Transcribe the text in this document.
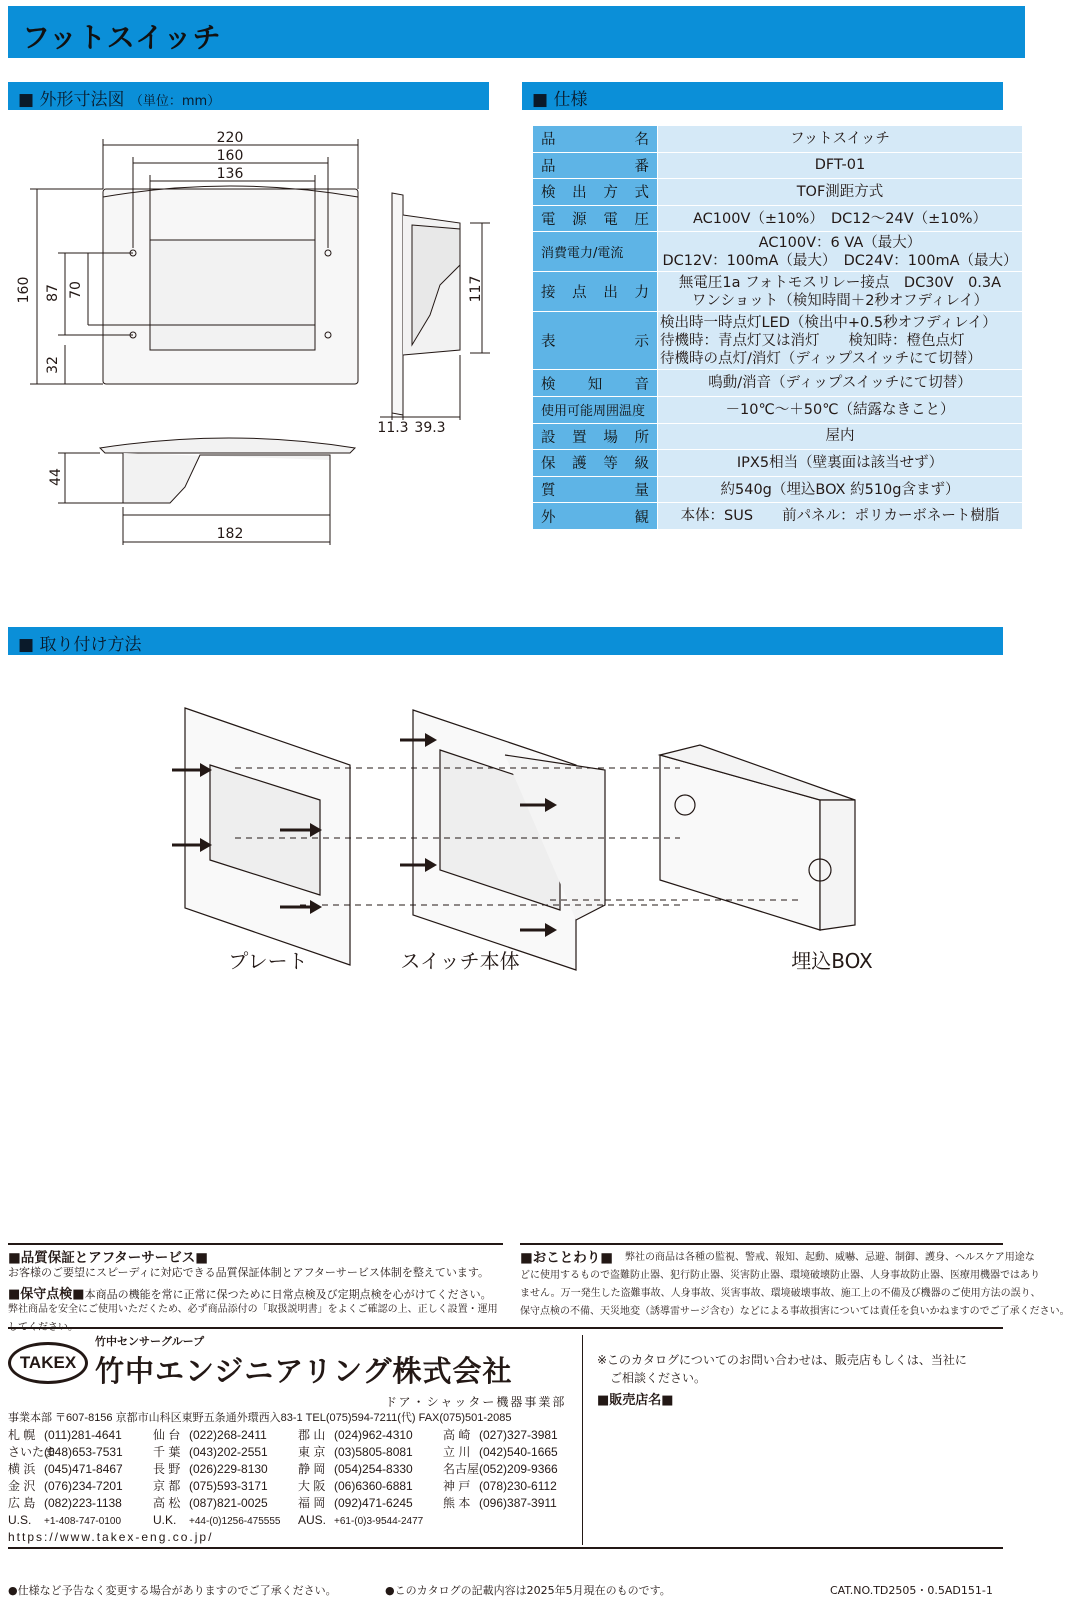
フットスイッチ
■ 外形寸法図 （単位：mm）	■ 仕様
■ 取り付け方法
220
160
136
160 87 70
32
117
11.3 39.3
44
182
品名	フットスイッチ

品番	DFT-01

検出方式	TOF測距方式

電源電圧	AC100V（±10%）　DC12〜24V（±10%）

消費電力/電流	AC100V：6 VA（最大）
DC12V：100mA（最大）　DC24V：100mA（最大）

接点出力	無電圧1a フォトモスリレー接点　DC30V　0.3A
ワンショット（検知時間＋2秒オフディレイ）

表示	検出時一時点灯LED（検出中+0.5秒オフディレイ）
待機時：青点灯又は消灯　　検知時：橙色点灯
待機時の点灯/消灯（ディップスイッチにて切替）

検知音	鳴動/消音（ディップスイッチにて切替）

使用可能周囲温度	－10℃～＋50℃（結露なきこと）

設置場所	屋内

保護等級	IPX5相当（壁裏面は該当せず）

質量	約540g（埋込BOX 約510g含まず）

外観	本体：SUS　　前パネル：ポリカーボネート樹脂
プレート	スイッチ本体	埋込BOX
■品質保証とアフターサービス■
お客様のご要望にスピーディに対応できる品質保証体制とアフターサービス体制を整えています。
■保守点検■本商品の機能を常に正常に保つために日常点検及び定期点検を心がけてください。
弊社商品を安全にご使用いただくため、必ず商品添付の「取扱説明書」をよくご確認の上、正しく設置・運用
■おことわり■ 弊社の商品は各種の監視、警戒、報知、起動、威嚇、忌避、制御、護身、ヘルスケア用途な
どに使用するもので盗難防止器、犯行防止器、災害防止器、環境破壊防止器、人身事故防止器、医療用機器ではあり
ません。万一発生した盗難事故、人身事故、災害事故、環境破壊事故、施工上の不備及び機器のご使用方法の誤り、
保守点検の不備、天災地変（誘導雷サージ含む）などによる事故損害については責任を負いかねますのでご了承ください。
竹中センサーグループ
TAKEX 竹中エンジニアリング株式会社
ドア・シャッター機器事業部
事業本部 〒607-8156 京都市山科区東野五条通外環西入83-1 TEL(075)594-7211(代) FAX(075)501-2085
札 幌 (011)281-4641	仙 台 (022)268-2411	郡 山 (024)962-4310	高 崎 (027)327-3981
さいたま(048)653-7531	千 葉 (043)202-2551	東 京 (03)5805-8081	立 川 (042)540-1665
横 浜 (045)471-8467	長 野 (026)229-8130	静 岡 (054)254-8330	名古屋(052)209-9366
金 沢 (076)234-7201	京 都 (075)593-3171	大 阪 (06)6360-6881	神 戸 (078)230-6112
広 島 (082)223-1138	高 松 (087)821-0025	福 岡 (092)471-6245	熊 本 (096)387-3911
U.S. +1-408-747-0100	U.K. +44-(0)1256-475555 AUS. +61-(0)3-9544-2477
https://www.takex-eng.co.jp/
※このカタログについてのお問い合わせは、販売店もしくは、当社に
ご相談ください。
■販売店名■
●仕様など予告なく変更する場合がありますのでご了承ください。	●このカタログの記載内容は2025年5月現在のものです。	CAT.NO.TD2505・0.5AD151-1
